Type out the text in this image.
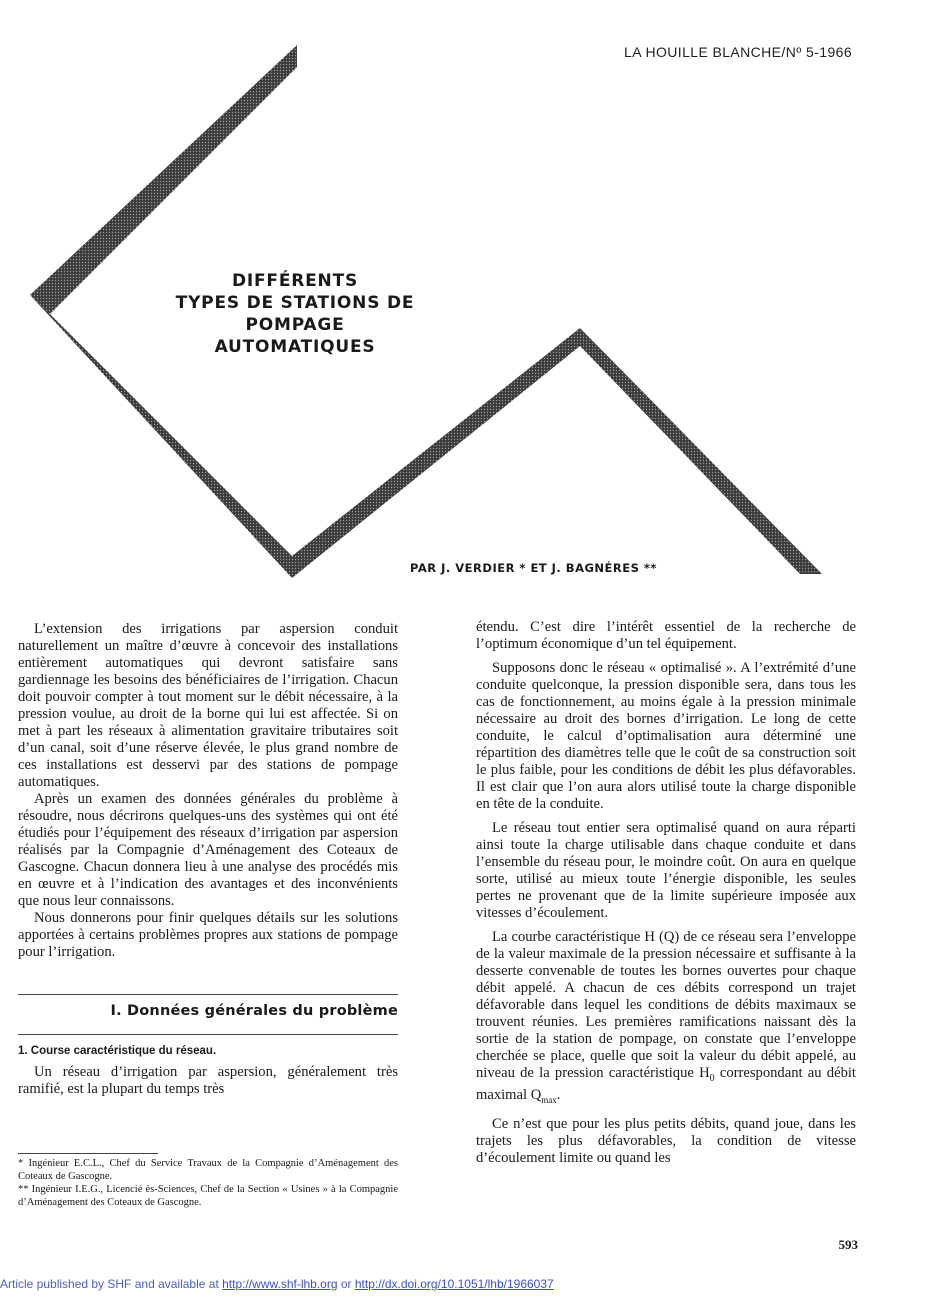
LA HOUILLE BLANCHE/Nº 5-1966
DIFFÉRENTS
TYPES DE STATIONS DE
POMPAGE
AUTOMATIQUES
PAR J. VERDIER * ET J. BAGNÉRES **

L’extension des irrigations par aspersion conduit naturellement un maître d’œuvre à concevoir des installations entièrement automatiques qui devront satisfaire sans gardiennage les besoins des bénéficiaires de l’irrigation. Chacun doit pouvoir compter à tout moment sur le débit nécessaire, à la pression voulue, au droit de la borne qui lui est affectée. Si on met à part les réseaux à alimentation gravitaire tributaires soit d’un canal, soit d’une réserve élevée, le plus grand nombre de ces installations est desservi par des stations de pompage automatiques.

Après un examen des données générales du problème à résoudre, nous décrirons quelques-uns des systèmes qui ont été étudiés pour l’équipement des réseaux d’irrigation par aspersion réalisés par la Compagnie d’Aménagement des Coteaux de Gascogne. Chacun donnera lieu à une analyse des procédés mis en œuvre et à l’indication des avantages et des inconvénients que nous leur connaissons.

Nous donnerons pour finir quelques détails sur les solutions apportées à certains problèmes propres aux stations de pompage pour l’irrigation.

I. Données générales du problème
1. Course caractéristique du réseau.

Un réseau d’irrigation par aspersion, généralement très ramifié, est la plupart du temps très

* Ingénieur E.C.L., Chef du Service Travaux de la Compagnie d’Aménagement des Coteaux de Gascogne.

** Ingénieur I.E.G., Licencié ès-Sciences, Chef de la Section « Usines » à la Compagnie d’Aménagement des Coteaux de Gascogne.

étendu. C’est dire l’intérêt essentiel de la recherche de l’optimum économique d’un tel équipement.

Supposons donc le réseau « optimalisé ». A l’extrémité d’une conduite quelconque, la pression disponible sera, dans tous les cas de fonctionnement, au moins égale à la pression minimale nécessaire au droit des bornes d’irrigation. Le long de cette conduite, le calcul d’optimalisation aura déterminé une répartition des diamètres telle que le coût de sa construction soit le plus faible, pour les conditions de débit les plus défavorables. Il est clair que l’on aura alors utilisé toute la charge disponible en tête de la conduite.

Le réseau tout entier sera optimalisé quand on aura réparti ainsi toute la charge utilisable dans chaque conduite et dans l’ensemble du réseau pour, le moindre coût. On aura en quelque sorte, utilisé au mieux toute l’énergie disponible, les seules pertes ne provenant que de la limite supérieure imposée aux vitesses d’écoulement.

La courbe caractéristique H (Q) de ce réseau sera l’enveloppe de la valeur maximale de la pression nécessaire et suffisante à la desserte convenable de toutes les bornes ouvertes pour chaque débit appelé. A chacun de ces débits correspond un trajet défavorable dans lequel les conditions de débits maximaux se trouvent réunies. Les premières ramifications naissant dès la sortie de la station de pompage, on constate que l’enveloppe cherchée se place, quelle que soit la valeur du débit appelé, au niveau de la pression caractéristique $H_0$ correspondant au débit maximal $Q_{max}$.

Ce n’est que pour les plus petits débits, quand joue, dans les trajets les plus défavorables, la condition de vitesse d’écoulement limite ou quand les

593
Article published by SHF and available at http://www.shf-lhb.org or http://dx.doi.org/10.1051/lhb/1966037
